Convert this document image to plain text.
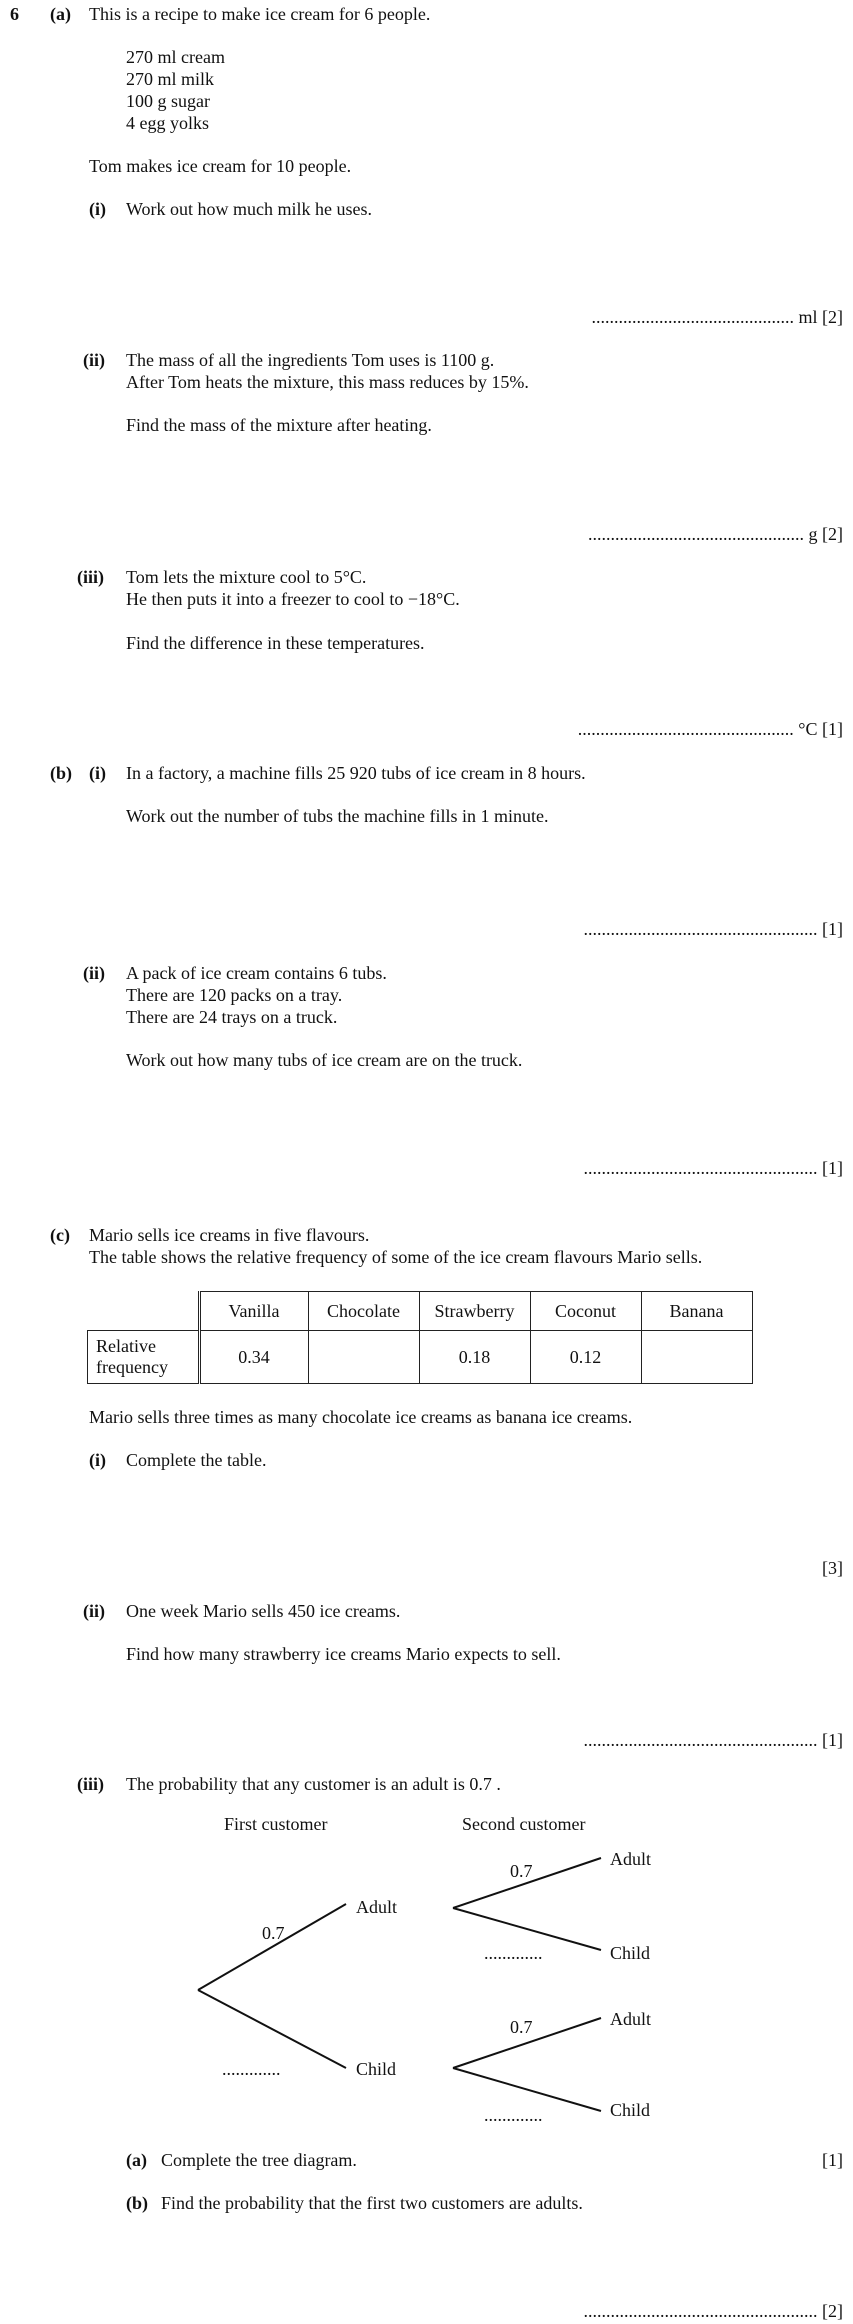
6 (a) This is a recipe to make ice cream for 6 people.
270 ml cream
270 ml milk
100 g sugar
4 egg yolks
Tom makes ice cream for 10 people.
(i) Work out how much milk he uses.
............................................. ml [2]
(ii) The mass of all the ingredients Tom uses is 1100 g.
After Tom heats the mixture, this mass reduces by 15%.
Find the mass of the mixture after heating.
................................................ g [2]
(iii) Tom lets the mixture cool to 5°C.
He then puts it into a freezer to cool to −18°C.
Find the difference in these temperatures.
................................................ °C [1]
(b) (i) In a factory, a machine fills 25 920 tubs of ice cream in 8 hours.
Work out the number of tubs the machine fills in 1 minute.
.................................................... [1]
(ii) A pack of ice cream contains 6 tubs.
There are 120 packs on a tray.
There are 24 trays on a truck.
Work out how many tubs of ice cream are on the truck.
.................................................... [1]
(c) Mario sells ice creams in five flavours.
The table shows the relative frequency of some of the ice cream flavours Mario sells.
	Vanilla	Chocolate	Strawberry	Coconut	Banana
Relative
frequency	0.34		0.18	0.12	
Mario sells three times as many chocolate ice creams as banana ice creams.
(i) Complete the table.
[3]
(ii) One week Mario sells 450 ice creams.
Find how many strawberry ice creams Mario expects to sell.
.................................................... [1]
(iii) The probability that any customer is an adult is 0.7 .
First customer	Second customer
0.7
Adult
.............	Child
0.7
Adult
.............	Child
0.7	Adult
.............	Child
(a) Complete the tree diagram.	[1]
(b) Find the probability that the first two customers are adults.
.................................................... [2]
